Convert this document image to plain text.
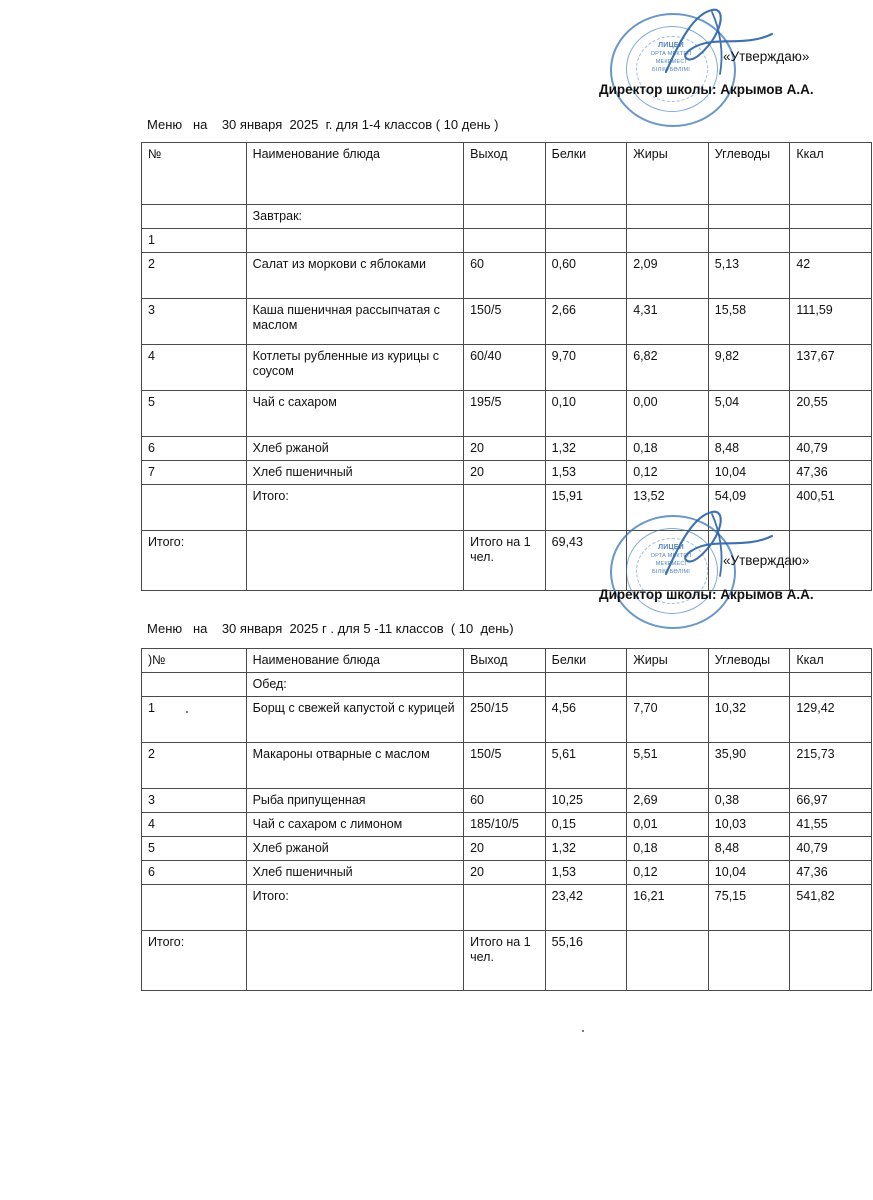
ЛИЦЕЙ
ОРТА МЕКТЕП
МЕКЕМЕСІ
БІЛІМ БӨЛІМІ
«Утверждаю»
Директор школы: Акрымов А.А.
Меню   на    30 января  2025  г. для 1-4 классов ( 10 день )
№	Наименование блюда	Выход	Белки	Жиры	Углеводы	Ккал
	Завтрак:					
1						
2	Салат из моркови с яблоками	60	0,60	2,09	5,13	42
3	Каша пшеничная рассыпчатая с маслом	150/5	2,66	4,31	15,58	111,59
4	Котлеты рубленные из курицы с соусом	60/40	9,70	6,82	9,82	137,67
5	Чай с сахаром	195/5	0,10	0,00	5,04	20,55
6	Хлеб ржаной	20	1,32	0,18	8,48	40,79
7	Хлеб пшеничный	20	1,53	0,12	10,04	47,36
	Итого:		15,91	13,52	54,09	400,51
Итого:		Итого на 1 чел.	69,43				ЛИЦЕЙ
ОРТА МЕКТЕП
МЕКЕМЕСІ
БІЛІМ БӨЛІМІ
«Утверждаю»
Директор школы: Акрымов А.А.
Меню   на    30 января  2025 г . для 5 -11 классов  ( 10  день)
)№	Наименование блюда	Выход	Белки	Жиры	Углеводы	Ккал
	Обед:					
1	Борщ с свежей капустой с курицей	250/15	4,56	7,70	10,32	129,42
2	Макароны отварные с маслом	150/5	5,61	5,51	35,90	215,73
3	Рыба припущенная	60	10,25	2,69	0,38	66,97
4	Чай с сахаром с лимоном	185/10/5	0,15	0,01	10,03	41,55
5	Хлеб ржаной	20	1,32	0,18	8,48	40,79
6	Хлеб пшеничный	20	1,53	0,12	10,04	47,36
	Итого:		23,42	16,21	75,15	541,82
Итого:		Итого на 1 чел.	55,16			
